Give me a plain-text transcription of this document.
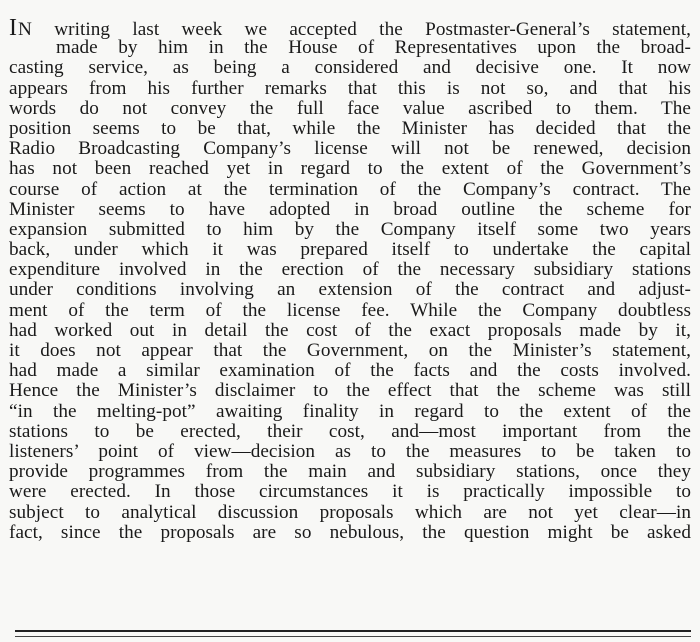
IN writing last week we accepted the Postmaster-General’s statement,
made by him in the House of Representatives upon the broad-
casting service, as being a considered and decisive one. It now
appears from his further remarks that this is not so, and that his
words do not convey the full face value ascribed to them. The
position seems to be that, while the Minister has decided that the
Radio Broadcasting Company’s license will not be renewed, decision
has not been reached yet in regard to the extent of the Government’s
course of action at the termination of the Company’s contract. The
Minister seems to have adopted in broad outline the scheme for
expansion submitted to him by the Company itself some two years
back, under which it was prepared itself to undertake the capital
expenditure involved in the erection of the necessary subsidiary stations
under conditions involving an extension of the contract and adjust-
ment of the term of the license fee. While the Company doubtless
had worked out in detail the cost of the exact proposals made by it,
it does not appear that the Government, on the Minister’s statement,
had made a similar examination of the facts and the costs involved.
Hence the Minister’s disclaimer to the effect that the scheme was still
“in the melting-pot” awaiting finality in regard to the extent of the
stations to be erected, their cost, and—most important from the
listeners’ point of view—decision as to the measures to be taken to
provide programmes from the main and subsidiary stations, once they
were erected. In those circumstances it is practically impossible to
subject to analytical discussion proposals which are not yet clear—in
fact, since the proposals are so nebulous, the question might be asked
